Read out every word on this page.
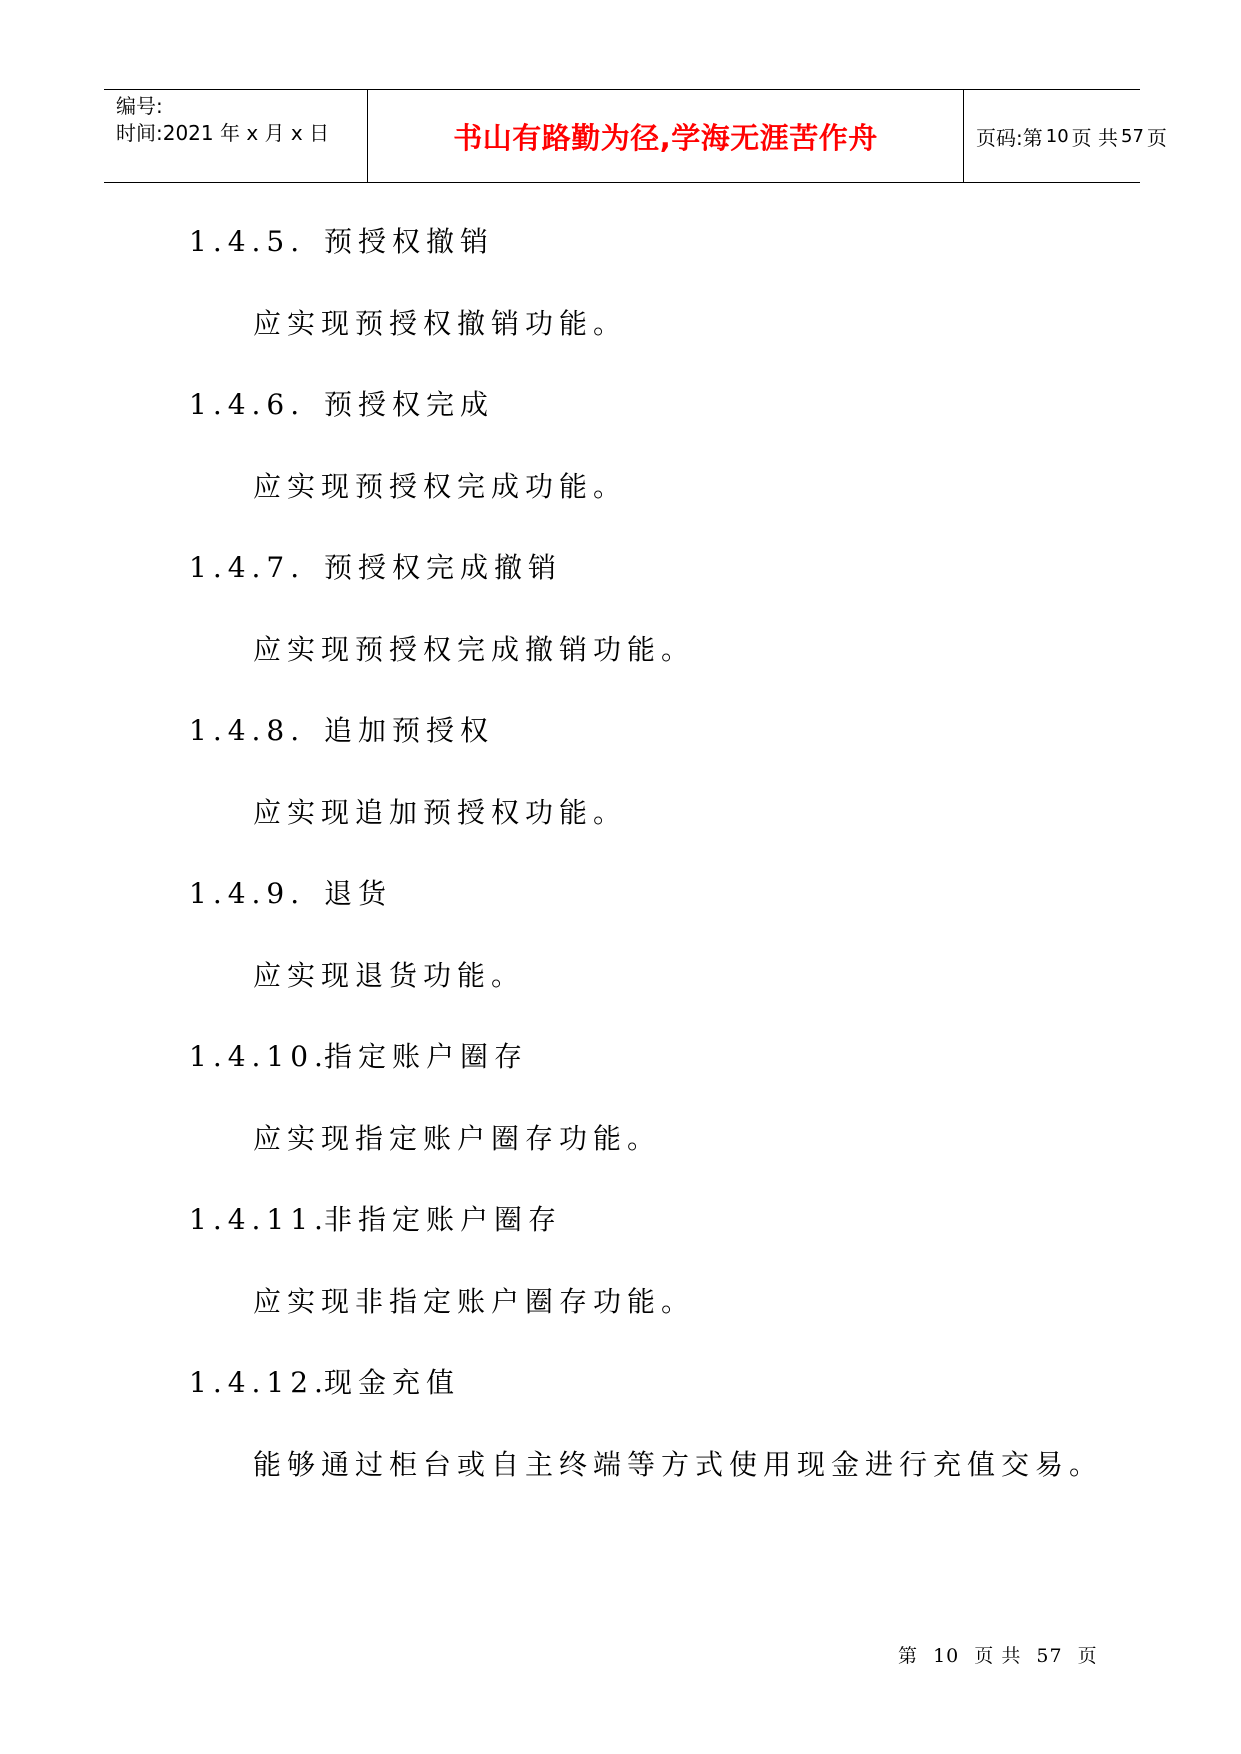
编号:
时间:2021 年 x 月 x 日	书山有路勤为径,学海无涯苦作舟	页码:第 10 页 共 57 页
1.4.5. 预授权撤销
应实现预授权撤销功能。
1.4.6. 预授权完成
应实现预授权完成功能。
1.4.7. 预授权完成撤销
应实现预授权完成撤销功能。
1.4.8. 追加预授权
应实现追加预授权功能。
1.4.9. 退货
应实现退货功能。
1.4.10.
指定账户圈存
应实现指定账户圈存功能。
1.4.11.
非指定账户圈存
应实现非指定账户圈存功能。
1.4.12.
现金充值
能够通过柜台或自主终端等方式使用现金进行充值交易。
第 10 页 共 57 页
